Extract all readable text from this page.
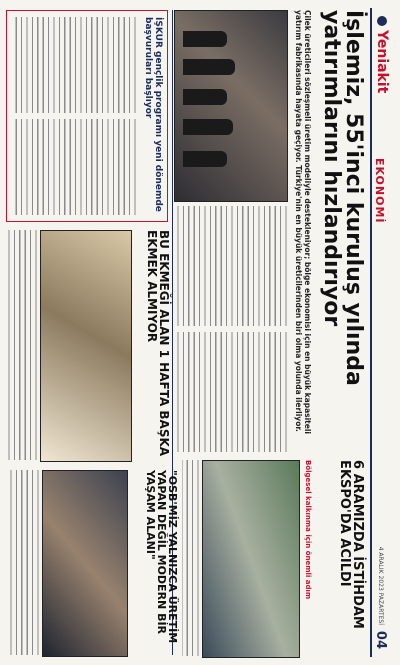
Yeniakit
EKONOMİ
4 ARALIK 2023 PAZARTESİ
04
İşlemiz, 55'inci kuruluş yılında yatırımlarını hızlandırıyor
Çilek üreticileri sözleşmeli üretim modeliyle destekleniyor; bölge ekonomisi için en büyük kapasiteli yatırım fabrikasında hayata geçiyor. Türkiye'nin en büyük üreticilerinden biri olma yolunda ilerliyor.
6 ARAMIZDA İSTİHDAM EKSPO'DA ACILDI
Bölgesel kalkınma için önemli adım
İŞKUR gençlik programı yeni dönemde başvuruları başlıyor
BU EKMEĞİ ALAN 1 HAFTA BAŞKA EKMEK ALMIYOR
"OSB'MİZ YALNIZCA ÜRETİM YAPAN DEĞİL MODERN BİR YAŞAM ALANI"
